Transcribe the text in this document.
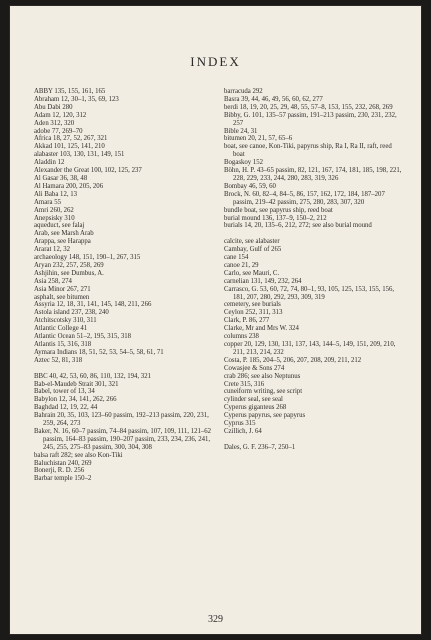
INDEX
ABBY 135, 155, 161, 165
Abraham 12, 30–1, 35, 69, 123
Abu Dabi 280
Adam 12, 120, 312
Aden 312, 320
adobe 77, 269–70
Africa 18, 27, 52, 267, 321
Akkad 101, 125, 141, 210
alabaster 103, 130, 131, 149, 151
Aladdin 12
Alexander the Great 100, 102, 125, 237
Al Gasar 36, 38, 48
Al Hamara 200, 205, 206
Ali Baba 12, 13
Amara 55
Amri 260, 262
Anepsisky 310
aqueduct, see falaj
Arab, see Marsh Arab
Arappa, see Harappa
Ararat 12, 32
archaeology 148, 151, 190–1, 267, 315
Aryan 232, 257, 258, 269
Ashjihin, see Dumbus, A.
Asia 258, 274
Asia Minor 267, 271
asphalt, see bitumen
Assyria 12, 18, 31, 141, 145, 148, 211, 266
Astola island 237, 238, 240
Atchitscotsky 310, 311
Atlantic College 41
Atlantic Ocean 51–2, 195, 315, 318
Atlantis 15, 316, 318
Aymara Indians 18, 51, 52, 53, 54–5, 58, 61, 71
Aztec 52, 81, 318
BBC 40, 42, 53, 60, 86, 110, 132, 194, 321
Bab-el-Maudeb Strait 301, 321
Babel, tower of 13, 34
Babylon 12, 34, 141, 262, 266
Baghdad 12, 19, 22, 44
Bahrain 20, 35, 103, 123–60 passim, 192–213 passim, 220, 231, 259, 264, 273
Baker, N. 16, 60–7 passim, 74–84 passim, 107, 109, 111, 121–62 passim, 164–83 passim, 190–207 passim, 233, 234, 236, 241, 245, 255, 275–83 passim, 300, 304, 308
balsa raft 282; see also Kon-Tiki
Baluchistan 240, 269
Bonerji, R. D. 256
Barbar temple 150–2
barracuda 292
Basra 39, 44, 46, 49, 56, 60, 62, 277
berdi 18, 19, 20, 25, 29, 48, 55, 57–8, 153, 155, 232, 268, 269
Bibby, G. 101, 135–57 passim, 191–213 passim, 230, 231, 232, 257
Bible 24, 31
bitumen 20, 21, 57, 65–6
boat, see canoe, Kon-Tiki, papyrus ship, Ra I, Ra II, raft, reed boat
Bogaskoy 152
Böhn, H. P. 43–65 passim, 82, 121, 167, 174, 181, 185, 198, 221, 228, 229, 233, 244, 280, 283, 319, 326
Bombay 46, 59, 60
Brock, N. 60, 82–4, 84–5, 86, 157, 162, 172, 184, 187–207 passim, 219–42 passim, 275, 280, 283, 307, 320
bundle boat, see papyrus ship, reed boat
burial mound 136, 137–9, 150–2, 212
burials 14, 20, 135–6, 212, 272; see also burial mound
calcite, see alabaster
Cambay, Gulf of 265
cane 154
canoe 21, 29
Carlo, see Mauri, C.
carnelian 131, 149, 232, 264
Carrasco, G. 53, 60, 72, 74, 80–1, 93, 105, 125, 153, 155, 156, 181, 207, 280, 292, 293, 309, 319
cemetery, see burials
Ceylon 252, 311, 313
Clark, P. 86, 277
Clarke, Mr and Mrs W. 324
columns 238
copper 20, 129, 130, 131, 137, 143, 144–5, 149, 151, 209, 210, 211, 213, 214, 232
Costa, P. 185, 204–5, 206, 207, 208, 209, 211, 212
Cowasjee & Sons 274
crab 286; see also Neptunus
Crete 315, 316
cuneiform writing, see script
cylinder seal, see seal
Cyperus giganteus 268
Cyperus papyrus, see papyrus
Cyprus 315
Czillich, J. 64
Dales, G. F. 236–7, 250–1
329
